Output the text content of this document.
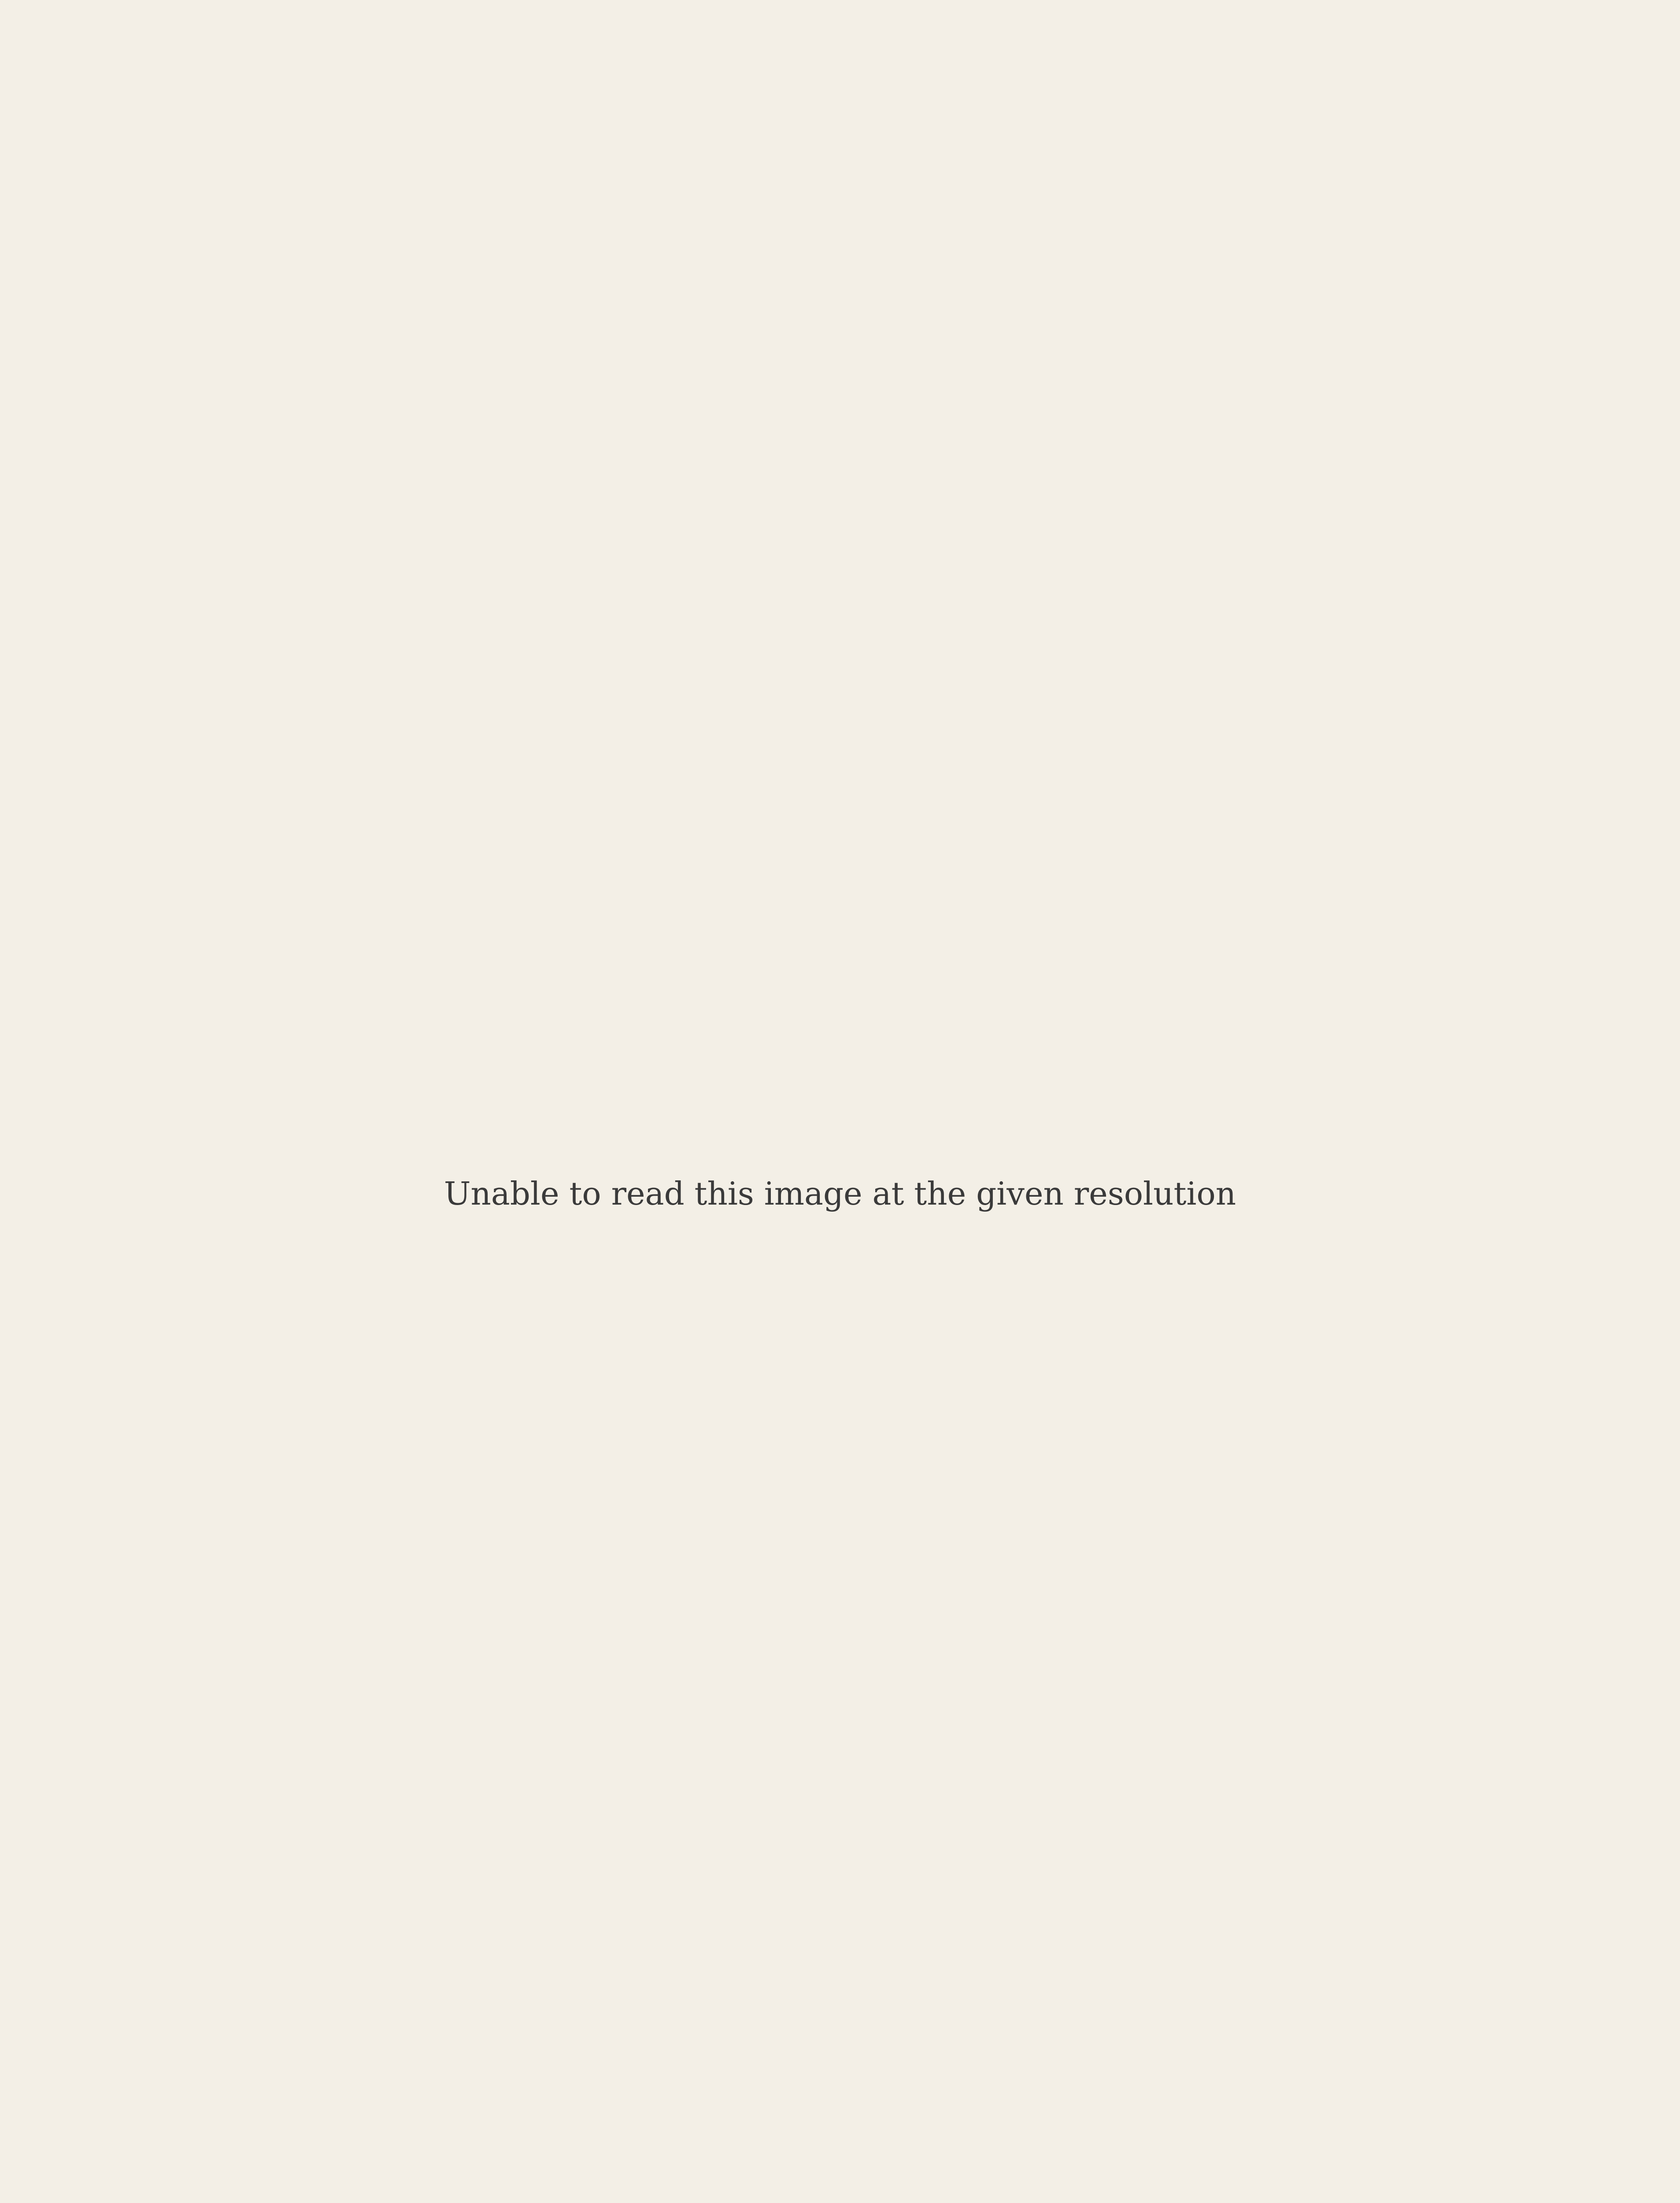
Unable to read this image at the given resolution
